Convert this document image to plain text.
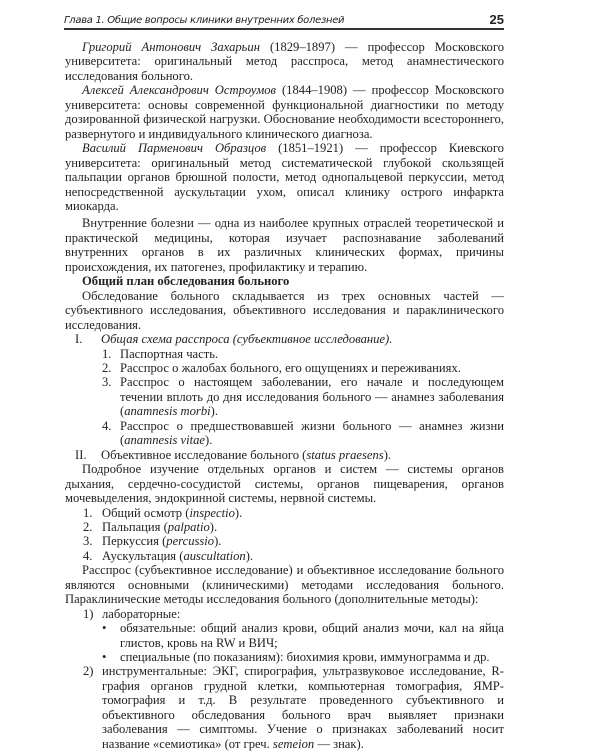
Глава 1. Общие вопросы клиники внутренних болезней	25
Григорий Антонович Захарьин (1829–1897) — профессор Московского университета: оригинальный метод расспроса, метод анамнестического исследования больного.
Алексей Александрович Остроумов (1844–1908) — профессор Московского университета: основы современной функциональной диагностики по методу дозированной физической нагрузки. Обоснование необходимости всестороннего, развернутого и индивидуального клинического диагноза.
Василий Парменович Образцов (1851–1921) — профессор Киевского университета: оригинальный метод систематической глубокой скользящей пальпации органов брюшной полости, метод однопальцевой перкуссии, метод непосредственной аускультации ухом, описал клинику острого инфаркта миокарда.
Внутренние болезни — одна из наиболее крупных отраслей теоретической и практической медицины, которая изучает распознавание заболеваний внутренних органов в их различных клинических формах, причины происхождения, их патогенез, профилактику и терапию.
Общий план обследования больного
Обследование больного складывается из трех основных частей — субъективного исследования, объективного исследования и параклинического исследования.
I. Общая схема расспроса (субъективное исследование).
1. Паспортная часть.
2. Расспрос о жалобах больного, его ощущениях и переживаниях.
3. Расспрос о настоящем заболевании, его начале и последующем течении вплоть до дня исследования больного — анамнез заболевания (anamnesis morbi).
4. Расспрос о предшествовавшей жизни больного — анамнез жизни (anamnesis vitae).
II. Объективное исследование больного (status praesens).
Подробное изучение отдельных органов и систем — системы органов дыхания, сердечно-сосудистой системы, органов пищеварения, органов мочевыделения, эндокринной системы, нервной системы.
1. Общий осмотр (inspectio).
2. Пальпация (palpatio).
3. Перкуссия (percussio).
4. Аускультация (auscultation).
Расспрос (субъективное исследование) и объективное исследование больного являются основными (клиническими) методами исследования больного. Параклинические методы исследования больного (дополнительные методы):
1) лабораторные:
• обязательные: общий анализ крови, общий анализ мочи, кал на яйца глистов, кровь на RW и ВИЧ;
• специальные (по показаниям): биохимия крови, иммунограмма и др.
2) инструментальные: ЭКГ, спирография, ультразвуковое исследование, R-графия органов грудной клетки, компьютерная томография, ЯМР-томография и т.д. В результате проведенного субъективного и объективного обследования больного врач выявляет признаки заболевания — симптомы. Учение о признаках заболеваний носит название «семиотика» (от греч. semeion — знак).
